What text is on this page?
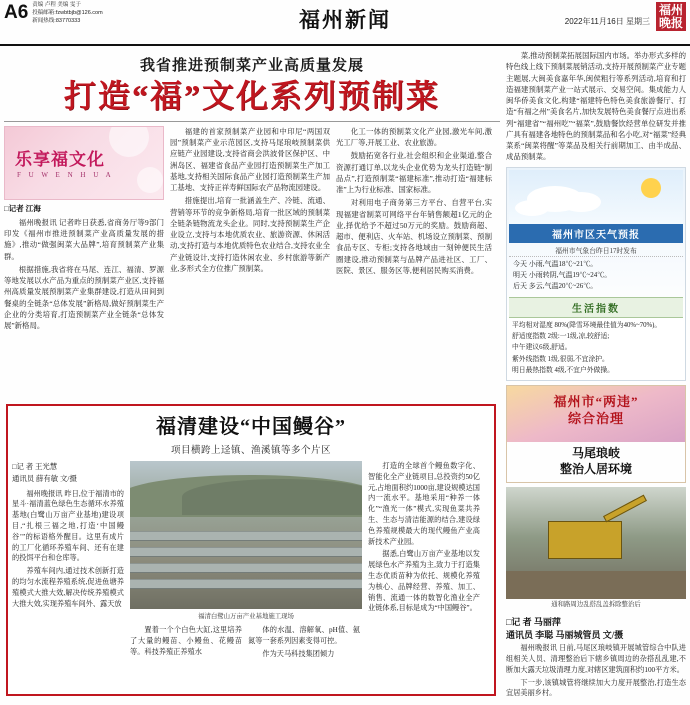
A6 责编 卢程 美编 雯于
投稿邮箱:fzwbtbjb@126.com
新闻热线:83770333	福州新闻	2022年11月16日 星期三
福州
晚报
我省推进预制菜产业高质量发展
打造“福”文化系列预制菜
乐享福文化
F U W E N H U A
□记者 江海

福州晚报讯 记者昨日获悉,省商务厅等9部门印发《福州市推进预制菜产业高质量发展的措施》,推动“做强闽菜大品牌”,培育预制菜产业集群。

根据措施,我省将在马尾、连江、福清、罗源等地发展以水产品为重点的预制菜产业区,支持福州高质量发展预制菜产业集群建设,打造从田间到餐桌的全链条“总体发展”新格局,做好预制菜生产企业的分类培育,打造预制菜产业全链条“总体发展”新格局。

福建的首家预制菜产业园和中印尼“两国双园”预制菜产业示范园区,支持马尾琅岐预制菜供应链产业园建设,支持省商会洪波骨区保护区、中洲岛区、福建省食品产业园打造预制菜生产加工基地,支持相关国际食品产业园打造预制菜生产加工基地、支持正祥寿鲜国际农产品物流园建设。

措施提出,培育一批涵盖生产、冷链、流通、营销等环节的竞争新格局,培育一批区域的预制菜全链条链物流龙头企业。同时,支持预制菜生产企业设立,支持与本地优质农业、旅游资源、休闲活动,支持打造与本地优质特色农业结合,支持农业全产业链设计,支持打造休闲农业、乡村旅游等新产业,多形式全方位推广预制菜。

化工一体的预制菜文化产业园,激光车间,激光工厂等,开展工业、农业旅游。

鼓励拓宽各行业,社会组织和企业渠道,整合资源打通订单,以龙头企业优势为龙头打造链“制品点”,打造预制菜“福建标准”,推动打造“福建标准”上为行业标准、国家标准。

对利用电子商务第三方平台、自营平台,实现福建省制菜可网络平台年销售额超1亿元的企业,择优给予不超过50万元的奖励。鼓励商超、超市、便利店、火车站、机场设立预制菜、预制食品专区、专柜;支持各地域由一刻钟便民生活圈建设,推动预制菜与品牌产品进社区、工厂、医院、景区、服务区等,便利居民购买消费。

菜,推动预制菜拓展国际国内市场。举办形式多样的特色线上线下预制菜展销活动,支持开展预制菜产业专题主题展,大闽美食嘉年华,闽侯粗行等系列活动,培育和打造福建预制菜产业一站式展示、交易空间。集成能力人闽华侨美食文化,构建“福建特色特色美食旅游餐厅、打造“有福之州”美食名片,加快发展特色美食餐厅点进出系列“福建省”“福州吃”“福菜”,鼓励餐饮经营单位研发并推广具有福建各地特色的预制菜品和名小吃,对“福菜”经典菜系“闽菜将醒”等菜品及相关行前期加工、由半成品、成品预制菜。

福州市区天气预报
福州市气象台昨日17时发布
今天 小雨,气温18℃~21℃。
明天 小雨转阴,气温19℃~24℃。
后天 多云,气温20℃~26℃。
生活指数
平均相对湿度 80%(降雪环境最佳值为40%~70%)。
舒适度指数 2级:一1级,凉,较舒适;
中午建议6级,舒适。
紫外线指数 1级,很弱,不宜涂护。
明日最热指数 4级,不宜户外做操。
福州市“两违”
综合治理
马尾琅岐
整治人居环境
通和路周边乱搭乱盖拆除整治后
□记 者 马丽萍
通讯员 李聪 马丽城管员 文/摄

福州晚报讯 日前,马尾区琅岐镇开展城管综合中队进组相关人员、清理整治后下辖乡镇周边的杂搭乱乱建,不断加大露天垃圾清理力度,对辖区建筑面积约100平方米。

下一步,该镇城管将继续加大力度开展整治,打造生态宜居美丽乡村。

福清建设“中国鳗谷”
项目横跨上迳镇、渔溪镇等多个片区
□记 者 王光慧
通讯员 薛有敏 文/摄

福州晚报讯 昨日,位于福清市的星斗·福清蓝色绿色生态循环水养殖基地(白鹭山万亩产业基地)建设项目,“扎根三福之地,打造‘中国鳗谷’”的标语格外醒目。这里有成片的工厂化循环养殖车间、还有在建的投饵平台和仓库等。

养殖车间内,通过技术创新打造的均匀水流程养殖系统,促进鱼塘养殖模式大推大效,解决传统养殖模式大推大效,实现养殖车间外、露天放

福清白鹭山万亩产业基地施工现场

置着一个个白色大缸,这里培养了大量的鳗苗、小鳗鱼、花鳗苗等。科技养殖正养殖水

体的水温、溶解氧、pH值、氨氮等一套系列因素变得可控。

作为天马科技集团倾力

打造的全球首个鳗鱼数字化、智能化全产业链项目,总投资约50亿元,占地面积约1000亩,建设规模达国内一流水平。基地采用“种养一体化”“渔光一体”模式,实现鱼菜共养生、生态与清洁能源的结合,建设绿色养殖规模最大的现代鳗鱼产业高新技术产业园。

据悉,白鹭山万亩产业基地以发展绿色水产养殖为主,致力于打造集生态优质苗种为依托、规模化养殖为核心、品牌经营、养殖、加工、销售、流通一体的数智化渔业全产业链体系,目标是成为“中国鳗谷”。
